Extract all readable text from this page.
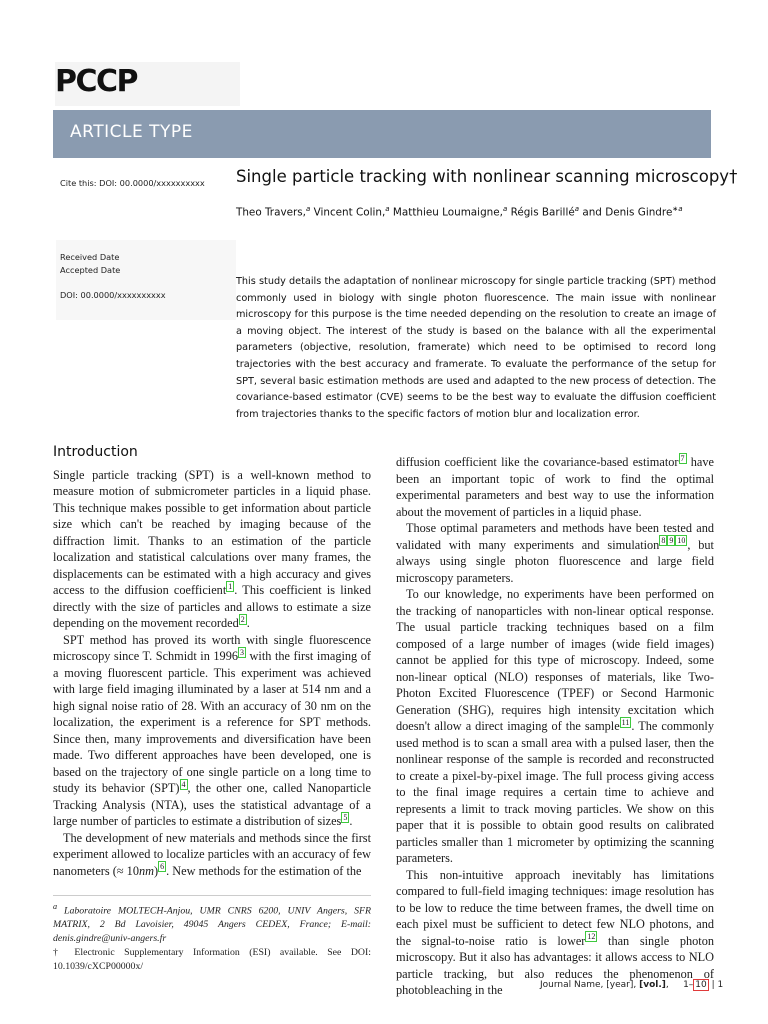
PCCP
ARTICLE TYPE
Cite this: DOI: 00.0000/xxxxxxxxxx
Received Date
Accepted Date
DOI: 00.0000/xxxxxxxxxx
Single particle tracking with nonlinear scanning microscopy†
Theo Travers,$^a$ Vincent Colin,$^a$ Matthieu Loumaigne,$^a$ Régis Barillé$^a$ and Denis Gindre$^{∗a}$

This study details the adaptation of nonlinear microscopy for single particle tracking (SPT) method commonly used in biology with single photon fluorescence. The main issue with nonlinear microscopy for this purpose is the time needed depending on the resolution to create an image of a moving object. The interest of the study is based on the balance with all the experimental parameters (objective, resolution, framerate) which need to be optimised to record long trajectories with the best accuracy and framerate. To evaluate the performance of the setup for SPT, several basic estimation methods are used and adapted to the new process of detection. The covariance-based estimator (CVE) seems to be the best way to evaluate the diffusion coefficient from trajectories thanks to the specific factors of motion blur and localization error.

Introduction

Single particle tracking (SPT) is a well-known method to measure motion of submicrometer particles in a liquid phase. This technique makes possible to get information about particle size which can't be reached by imaging because of the diffraction limit. Thanks to an estimation of the particle localization and statistical calculations over many frames, the displacements can be estimated with a high accuracy and gives access to the diffusion coefficient $^1$ . This coefficient is linked directly with the size of particles and allows to estimate a size depending on the movement recorded $^2$ .

SPT method has proved its worth with single fluorescence microscopy since T. Schmidt in 1996 $^3$ with the first imaging of a moving fluorescent particle. This experiment was achieved with large field imaging illuminated by a laser at 514 nm and a high signal noise ratio of 28. With an accuracy of 30 nm on the localization, the experiment is a reference for SPT methods. Since then, many improvements and diversification have been made. Two different approaches have been developed, one is based on the trajectory of one single particle on a long time to study its behavior (SPT) $^4$ , the other one, called Nanoparticle Tracking Analysis (NTA), uses the statistical advantage of a large number of particles to estimate a distribution of sizes $^5$ .

The development of new materials and methods since the first experiment allowed to localize particles with an accuracy of few nanometers (≈ 10nm) $^6$ . New methods for the estimation of the

$^a$ Laboratoire MOLTECH-Anjou, UMR CNRS 6200, UNIV Angers, SFR MATRIX, 2 Bd Lavoisier, 49045 Angers CEDEX, France; E-mail: denis.gindre@univ-angers.fr
† Electronic Supplementary Information (ESI) available. See DOI: 10.1039/cXCP00000x/

diffusion coefficient like the covariance-based estimator $^7$ have been an important topic of work to find the optimal experimental parameters and best way to use the information about the movement of particles in a liquid phase.

Those optimal parameters and methods have been tested and validated with many experiments and simulation $^8$ $^9$ $^{10}$ , but always using single photon fluorescence and large field microscopy parameters.

To our knowledge, no experiments have been performed on the tracking of nanoparticles with non-linear optical response. The usual particle tracking techniques based on a film composed of a large number of images (wide field images) cannot be applied for this type of microscopy. Indeed, some non-linear optical (NLO) responses of materials, like Two-Photon Excited Fluorescence (TPEF) or Second Harmonic Generation (SHG), requires high intensity excitation which doesn't allow a direct imaging of the sample $^{11}$ . The commonly used method is to scan a small area with a pulsed laser, then the nonlinear response of the sample is recorded and reconstructed to create a pixel-by-pixel image. The full process giving access to the final image requires a certain time to achieve and represents a limit to track moving particles. We show on this paper that it is possible to obtain good results on calibrated particles smaller than 1 micrometer by optimizing the scanning parameters.

This non-intuitive approach inevitably has limitations compared to full-field imaging techniques: image resolution has to be low to reduce the time between frames, the dwell time on each pixel must be sufficient to detect few NLO photons, and the signal-to-noise ratio is lower $^{12}$ than single photon microscopy. But it also has advantages: it allows access to NLO particle tracking, but also reduces the phenomenon of photobleaching in the	Journal Name, [year], [vol.], 1– 10 | 1
